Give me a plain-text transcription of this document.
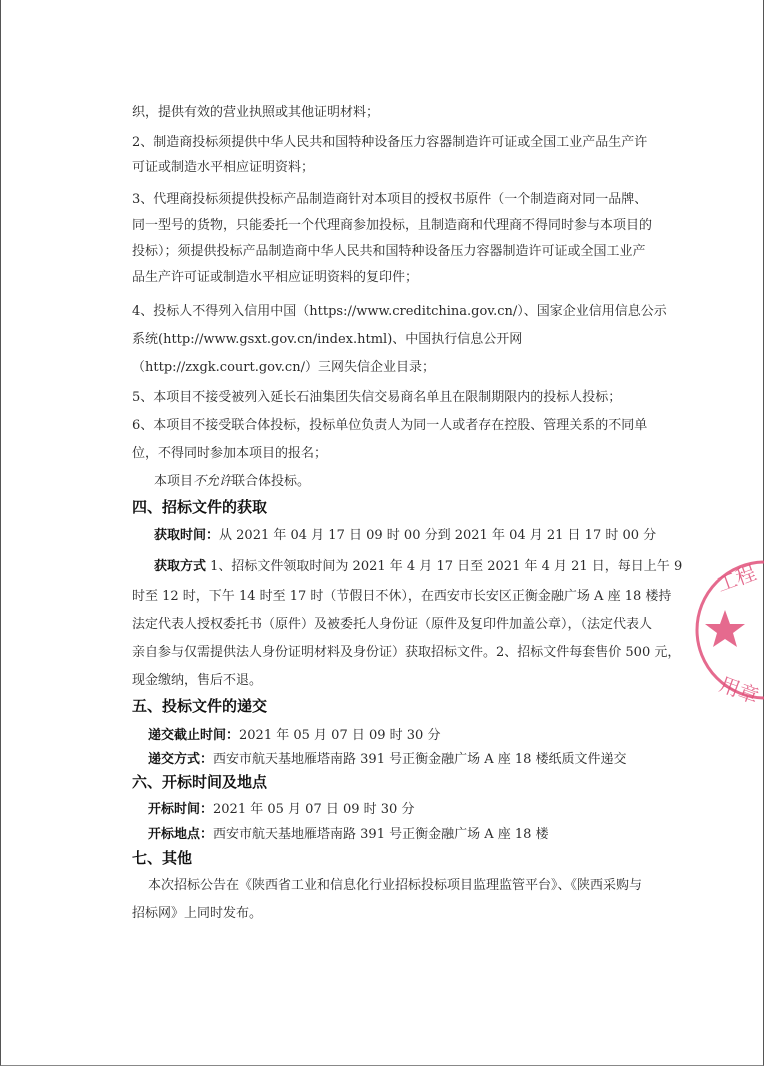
织，提供有效的营业执照或其他证明材料；
2、制造商投标须提供中华人民共和国特种设备压力容器制造许可证或全国工业产品生产许
可证或制造水平相应证明资料；
3、代理商投标须提供投标产品制造商针对本项目的授权书原件（一个制造商对同一品牌、
同一型号的货物，只能委托一个代理商参加投标，且制造商和代理商不得同时参与本项目的
投标）；须提供投标产品制造商中华人民共和国特种设备压力容器制造许可证或全国工业产
品生产许可证或制造水平相应证明资料的复印件；
4、投标人不得列入信用中国（https://www.creditchina.gov.cn/）、国家企业信用信息公示
系统(http://www.gsxt.gov.cn/index.html)、中国执行信息公开网
（http://zxgk.court.gov.cn/）三网失信企业目录；
5、本项目不接受被列入延长石油集团失信交易商名单且在限制期限内的投标人投标；
6、本项目不接受联合体投标，投标单位负责人为同一人或者存在控股、管理关系的不同单
位，不得同时参加本项目的报名；
本项目不允许联合体投标。
四、招标文件的获取
获取时间：从 2021 年 04 月 17 日 09 时 00 分到 2021 年 04 月 21 日 17 时 00 分
获取方式 1、招标文件领取时间为 2021 年 4 月 17 日至 2021 年 4 月 21 日，每日上午 9
时至 12 时，下午 14 时至 17 时（节假日不休），在西安市长安区正衡金融广场 A 座 18 楼持
法定代表人授权委托书（原件）及被委托人身份证（原件及复印件加盖公章），（法定代表人
亲自参与仅需提供法人身份证明材料及身份证）获取招标文件。2、招标文件每套售价 500 元，
现金缴纳，售后不退。
五、投标文件的递交
递交截止时间：2021 年 05 月 07 日 09 时 30 分
递交方式：西安市航天基地雁塔南路 391 号正衡金融广场 A 座 18 楼纸质文件递交
六、开标时间及地点
开标时间：2021 年 05 月 07 日 09 时 30 分
开标地点：西安市航天基地雁塔南路 391 号正衡金融广场 A 座 18 楼
七、其他
本次招标公告在《陕西省工业和信息化行业招标投标项目监理监管平台》、《陕西采购与
招标网》上同时发布。
工程
用章
